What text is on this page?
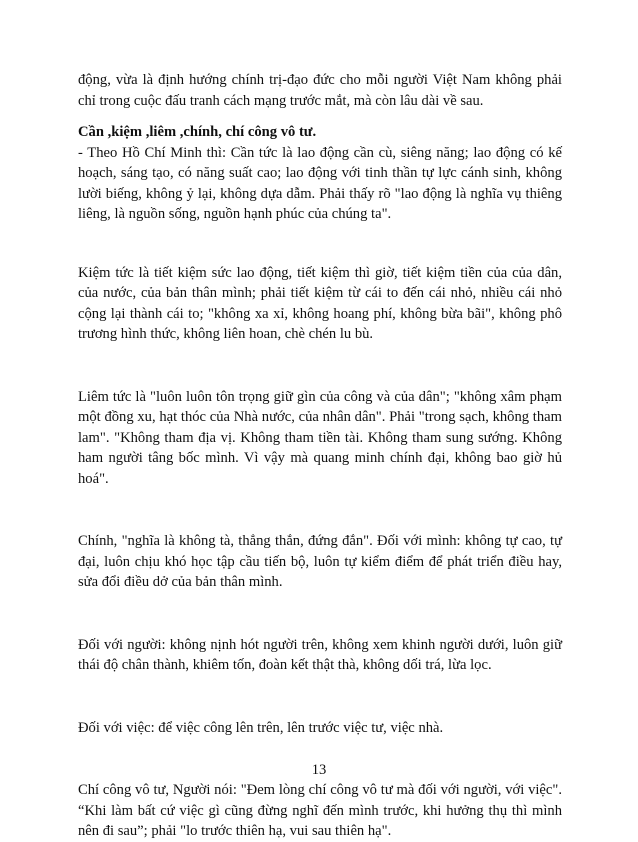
động, vừa là định hướng chính trị-đạo đức cho mỗi người Việt Nam không phải chỉ trong cuộc đấu tranh cách mạng trước mắt, mà còn lâu dài về sau.

Cần ,kiệm ,liêm ,chính, chí công vô tư.

- Theo Hồ Chí Minh thì: Cần tức là lao động cần cù, siêng năng; lao động có kế hoạch, sáng tạo, có năng suất cao; lao động với tinh thần tự lực cánh sinh, không lười biếng, không ỷ lại, không dựa dẫm. Phải thấy rõ "lao động là nghĩa vụ thiêng liêng, là nguồn sống, nguồn hạnh phúc của chúng ta".

Kiệm tức là tiết kiệm sức lao động, tiết kiệm thì giờ, tiết kiệm tiền của của dân, của nước, của bản thân mình; phải tiết kiệm từ cái to đến cái nhỏ, nhiều cái nhỏ cộng lại thành cái to; "không xa xỉ, không hoang phí, không bừa bãi", không phô trương hình thức, không liên hoan, chè chén lu bù.

Liêm tức là "luôn luôn tôn trọng giữ gìn của công và của dân"; "không xâm phạm một đồng xu, hạt thóc của Nhà nước, của nhân dân". Phải "trong sạch, không tham lam". "Không tham địa vị. Không tham tiền tài. Không tham sung sướng. Không ham người tâng bốc mình. Vì vậy mà quang minh chính đại, không bao giờ hủ hoá".

Chính, "nghĩa là không tà, thẳng thắn, đứng đắn". Đối với mình: không tự cao, tự đại, luôn chịu khó học tập cầu tiến bộ, luôn tự kiểm điểm để phát triển điều hay, sửa đổi điều dở của bản thân mình.

Đối với người: không nịnh hót người trên, không xem khinh người dưới, luôn giữ thái độ chân thành, khiêm tốn, đoàn kết thật thà, không dối trá, lừa lọc.

Đối với việc: để việc công lên trên, lên trước việc tư, việc nhà.

Chí công vô tư, Người nói: "Đem lòng chí công vô tư mà đối với người, với việc". “Khi làm bất cứ việc gì cũng đừng nghĩ đến mình trước, khi hưởng thụ thì mình nên đi sau”; phải "lo trước thiên hạ, vui sau thiên hạ".

13
